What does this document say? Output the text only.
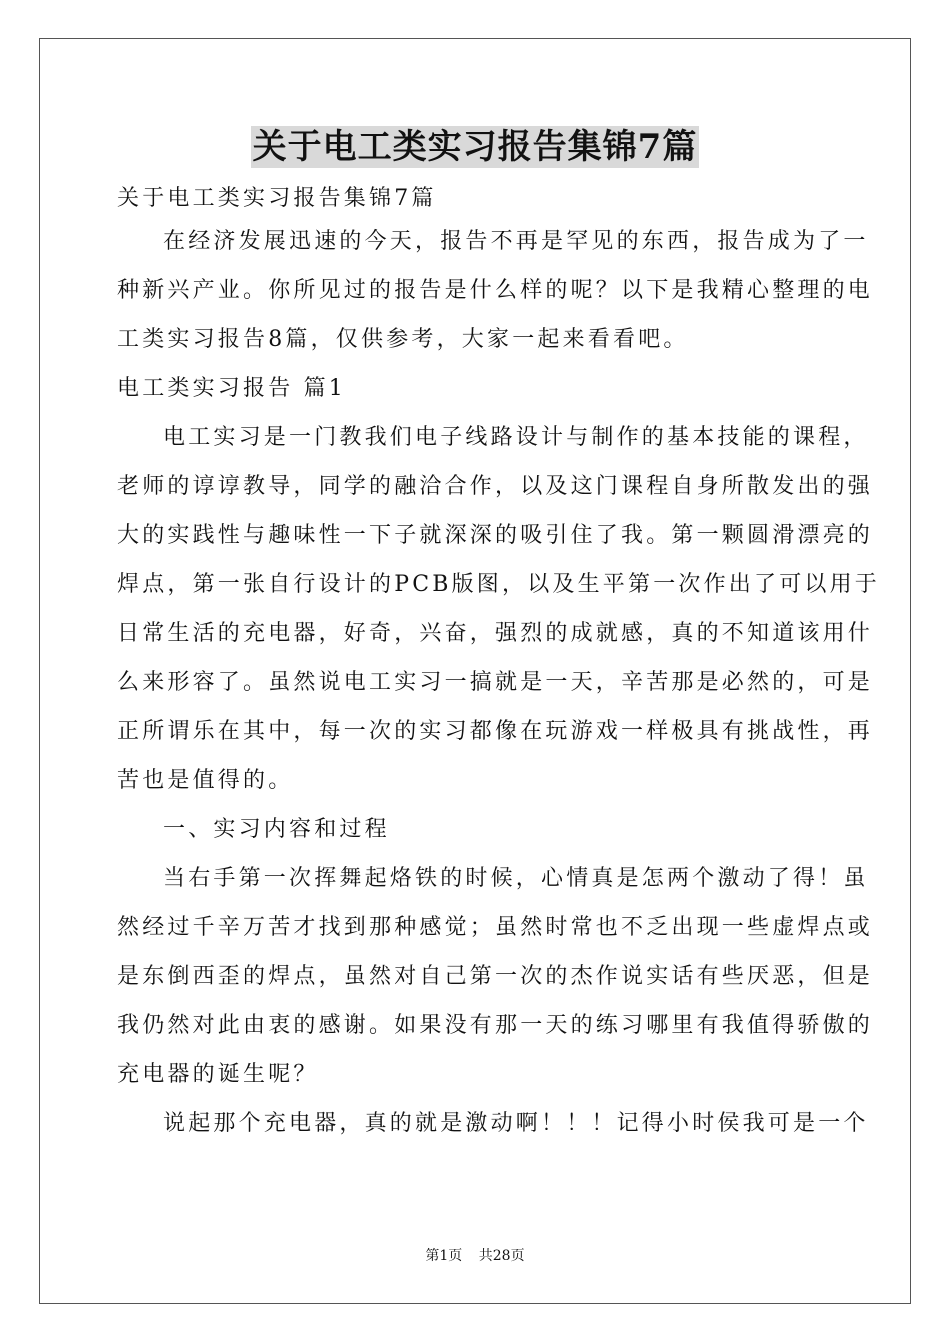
关于电工类实习报告集锦7篇
关于电工类实习报告集锦7篇
在经济发展迅速的今天，报告不再是罕见的东西，报告成为了一
种新兴产业。你所见过的报告是什么样的呢？以下是我精心整理的电
工类实习报告8篇，仅供参考，大家一起来看看吧。
电工类实习报告 篇1
电工实习是一门教我们电子线路设计与制作的基本技能的课程，
老师的谆谆教导，同学的融洽合作，以及这门课程自身所散发出的强
大的实践性与趣味性一下子就深深的吸引住了我。第一颗圆滑漂亮的
焊点，第一张自行设计的PCB版图，以及生平第一次作出了可以用于
日常生活的充电器，好奇，兴奋，强烈的成就感，真的不知道该用什
么来形容了。虽然说电工实习一搞就是一天，辛苦那是必然的，可是
正所谓乐在其中，每一次的实习都像在玩游戏一样极具有挑战性，再
苦也是值得的。
一、实习内容和过程
当右手第一次挥舞起烙铁的时候，心情真是怎两个激动了得！虽
然经过千辛万苦才找到那种感觉；虽然时常也不乏出现一些虚焊点或
是东倒西歪的焊点，虽然对自己第一次的杰作说实话有些厌恶，但是
我仍然对此由衷的感谢。如果没有那一天的练习哪里有我值得骄傲的
充电器的诞生呢？
说起那个充电器，真的就是激动啊！！！记得小时侯我可是一个
第1页 共28页
